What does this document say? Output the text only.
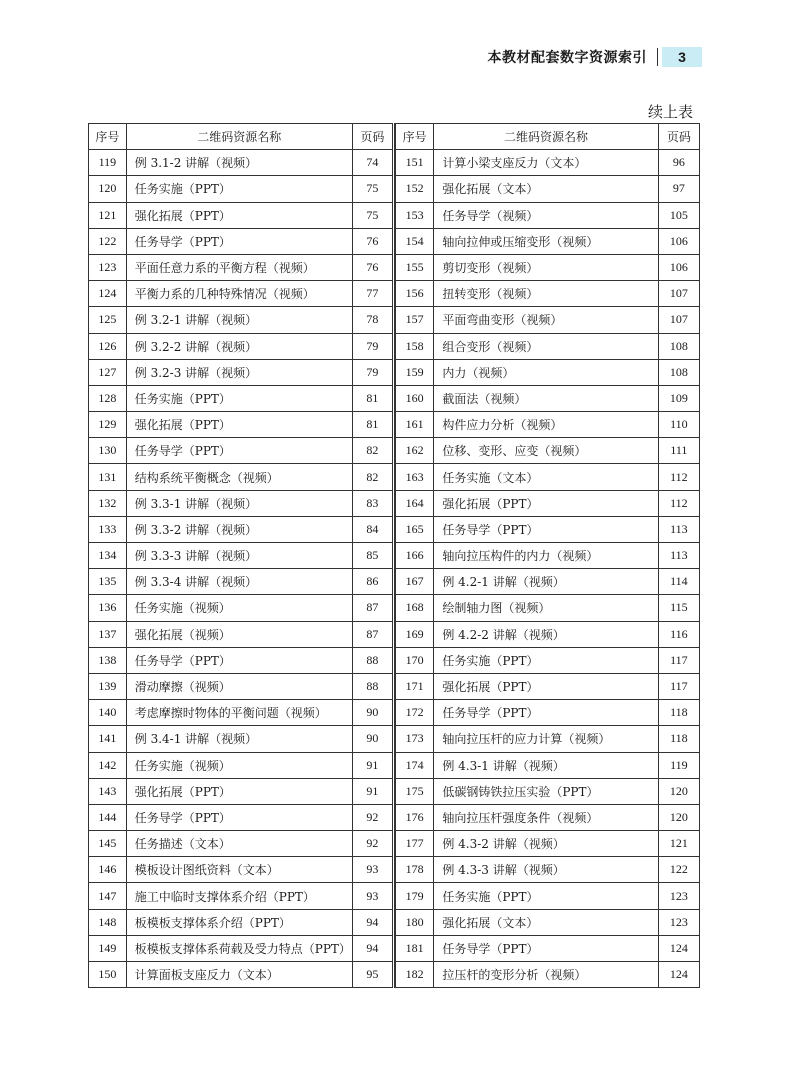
本教材配套数字资源索引	3
续上表
序号	二维码资源名称	页码
119	例 3.1-2 讲解（视频）	74
120	任务实施（PPT）	75
121	强化拓展（PPT）	75
122	任务导学（PPT）	76
123	平面任意力系的平衡方程（视频）	76
124	平衡力系的几种特殊情况（视频）	77
125	例 3.2-1 讲解（视频）	78
126	例 3.2-2 讲解（视频）	79
127	例 3.2-3 讲解（视频）	79
128	任务实施（PPT）	81
129	强化拓展（PPT）	81
130	任务导学（PPT）	82
131	结构系统平衡概念（视频）	82
132	例 3.3-1 讲解（视频）	83
133	例 3.3-2 讲解（视频）	84
134	例 3.3-3 讲解（视频）	85
135	例 3.3-4 讲解（视频）	86
136	任务实施（视频）	87
137	强化拓展（视频）	87
138	任务导学（PPT）	88
139	滑动摩擦（视频）	88
140	考虑摩擦时物体的平衡问题（视频）	90
141	例 3.4-1 讲解（视频）	90
142	任务实施（视频）	91
143	强化拓展（PPT）	91
144	任务导学（PPT）	92
145	任务描述（文本）	92
146	模板设计图纸资料（文本）	93
147	施工中临时支撑体系介绍（PPT）	93
148	板模板支撑体系介绍（PPT）	94
149	板模板支撑体系荷载及受力特点（PPT）	94
150	计算面板支座反力（文本）	95
序号	二维码资源名称	页码
151	计算小梁支座反力（文本）	96
152	强化拓展（文本）	97
153	任务导学（视频）	105
154	轴向拉伸或压缩变形（视频）	106
155	剪切变形（视频）	106
156	扭转变形（视频）	107
157	平面弯曲变形（视频）	107
158	组合变形（视频）	108
159	内力（视频）	108
160	截面法（视频）	109
161	构件应力分析（视频）	110
162	位移、变形、应变（视频）	111
163	任务实施（文本）	112
164	强化拓展（PPT）	112
165	任务导学（PPT）	113
166	轴向拉压构件的内力（视频）	113
167	例 4.2-1 讲解（视频）	114
168	绘制轴力图（视频）	115
169	例 4.2-2 讲解（视频）	116
170	任务实施（PPT）	117
171	强化拓展（PPT）	117
172	任务导学（PPT）	118
173	轴向拉压杆的应力计算（视频）	118
174	例 4.3-1 讲解（视频）	119
175	低碳钢铸铁拉压实验（PPT）	120
176	轴向拉压杆强度条件（视频）	120
177	例 4.3-2 讲解（视频）	121
178	例 4.3-3 讲解（视频）	122
179	任务实施（PPT）	123
180	强化拓展（文本）	123
181	任务导学（PPT）	124
182	拉压杆的变形分析（视频）	124
